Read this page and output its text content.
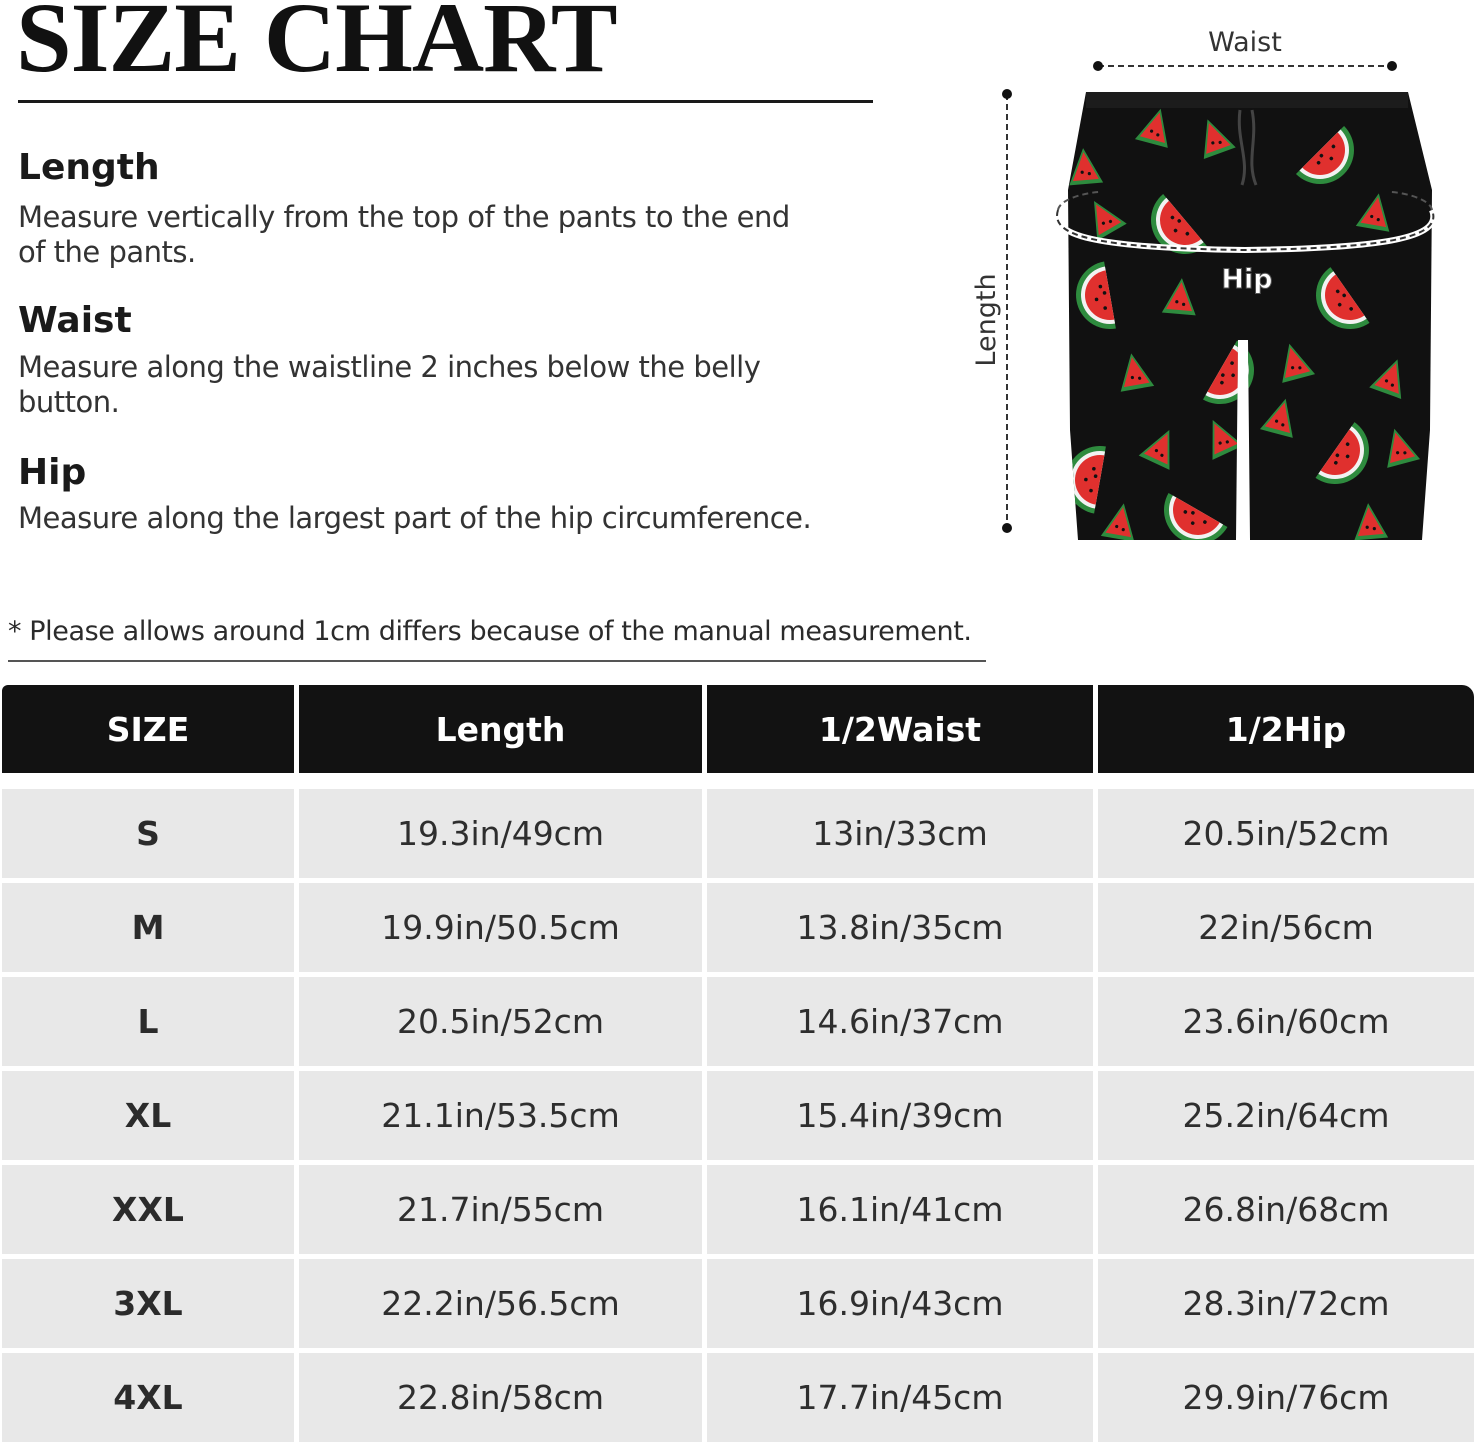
SIZE CHART
Length

Measure vertically from the top of the pants to the end of the pants.

Waist

Measure along the waistline 2 inches below the belly button.

Hip

Measure along the largest part of the hip circumference.

Waist
Length	Hip

* Please allows around 1cm differs because of the manual measurement.

SIZE	Length	1/2Waist	1/2Hip
S	19.3in/49cm	13in/33cm	20.5in/52cm
M	19.9in/50.5cm	13.8in/35cm	22in/56cm
L	20.5in/52cm	14.6in/37cm	23.6in/60cm
XL	21.1in/53.5cm	15.4in/39cm	25.2in/64cm
XXL	21.7in/55cm	16.1in/41cm	26.8in/68cm
3XL	22.2in/56.5cm	16.9in/43cm	28.3in/72cm
4XL	22.8in/58cm	17.7in/45cm	29.9in/76cm
